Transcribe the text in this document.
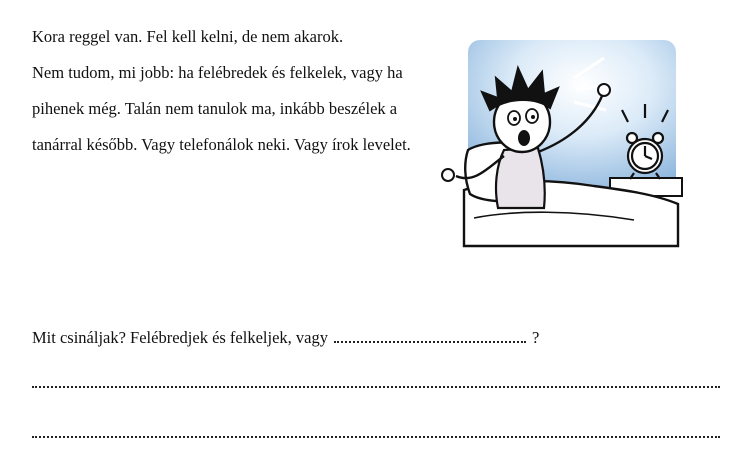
Kora reggel van. Fel kell kelni, de nem akarok.

Nem tudom, mi jobb: ha felébredek és felkelek, vagy ha pihenek még. Talán nem tanulok ma, inkább beszélek a tanárral később. Vagy telefonálok neki. Vagy írok levelet.

Mit csináljak? Felébredjek és felkeljek, vagy	?
